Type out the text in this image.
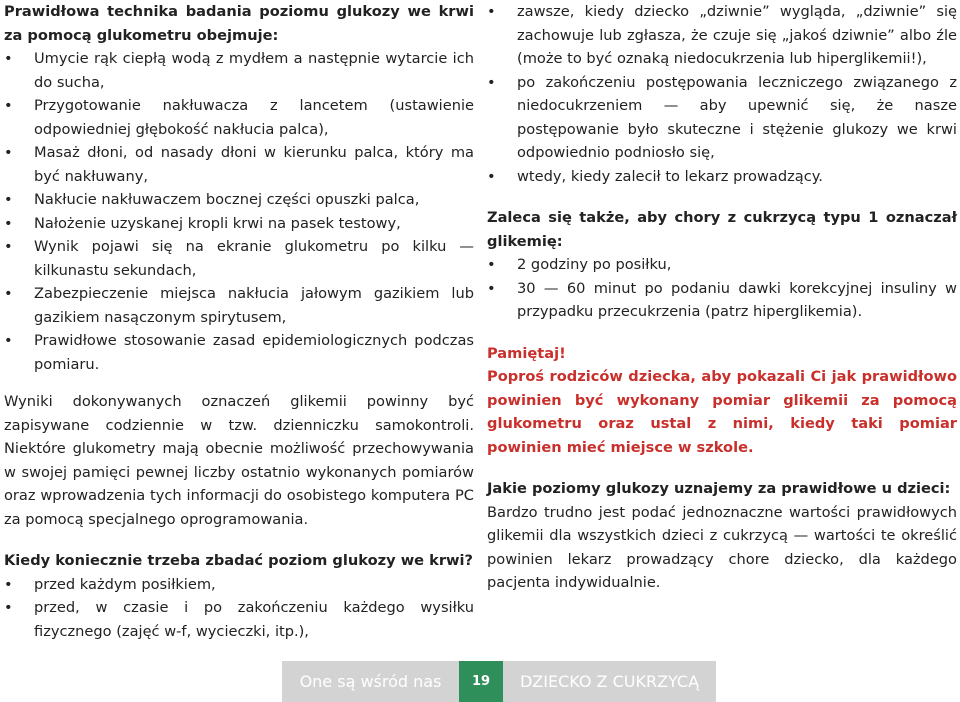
Prawidłowa technika badania poziomu glukozy we krwi za pomocą glukometru obejmuje:

• Umycie rąk ciepłą wodą z mydłem a następnie wytarcie ich do sucha,
• Przygotowanie nakłuwacza z lancetem (ustawienie odpowiedniej głębokość nakłucia palca),
• Masaż dłoni, od nasady dłoni w kierunku palca, który ma być nakłuwany,
• Nakłucie nakłuwaczem bocznej części opuszki palca,
• Nałożenie uzyskanej kropli krwi na pasek testowy,
• Wynik pojawi się na ekranie glukometru po kilku — kilkunastu sekundach,
• Zabezpieczenie miejsca nakłucia jałowym gazikiem lub gazikiem nasączonym spirytusem,
• Prawidłowe stosowanie zasad epidemiologicznych podczas pomiaru.

Wyniki dokonywanych oznaczeń glikemii powinny być zapisywane codziennie w tzw. dzienniczku samokontroli. Niektóre glukometry mają obecnie możliwość przechowywania w swojej pamięci pewnej liczby ostatnio wykonanych pomiarów oraz wprowadzenia tych informacji do osobistego komputera PC za pomocą specjalnego oprogramowania.

Kiedy koniecznie trzeba zbadać poziom glukozy we krwi?

• przed każdym posiłkiem,
• przed, w czasie i po zakończeniu każdego wysiłku fizycznego (zajęć w-f, wycieczki, itp.),
• zawsze, kiedy dziecko „dziwnie” wygląda, „dziwnie” się zachowuje lub zgłasza, że czuje się „jakoś dziwnie” albo źle (może to być oznaką niedocukrzenia lub hiperglikemii!),
• po zakończeniu postępowania leczniczego związanego z niedocukrzeniem — aby upewnić się, że nasze postępowanie było skuteczne i stężenie glukozy we krwi odpowiednio podniosło się,
• wtedy, kiedy zalecił to lekarz prowadzący.

Zaleca się także, aby chory z cukrzycą typu 1 oznaczał glikemię:

• 2 godziny po posiłku,
• 30 — 60 minut po podaniu dawki korekcyjnej insuliny w przypadku przecukrzenia (patrz hiperglikemia).

Pamiętaj!

Poproś rodziców dziecka, aby pokazali Ci jak prawidłowo powinien być wykonany pomiar glikemii za pomocą glukometru oraz ustal z nimi, kiedy taki pomiar powinien mieć miejsce w szkole.

Jakie poziomy glukozy uznajemy za prawidłowe u dzieci:

Bardzo trudno jest podać jednoznaczne wartości prawidłowych glikemii dla wszystkich dzieci z cukrzycą — wartości te określić powinien lekarz prowadzący chore dziecko, dla każdego pacjenta indywidualnie.

One są wśród nas	19	DZIECKO Z CUKRZYCĄ
